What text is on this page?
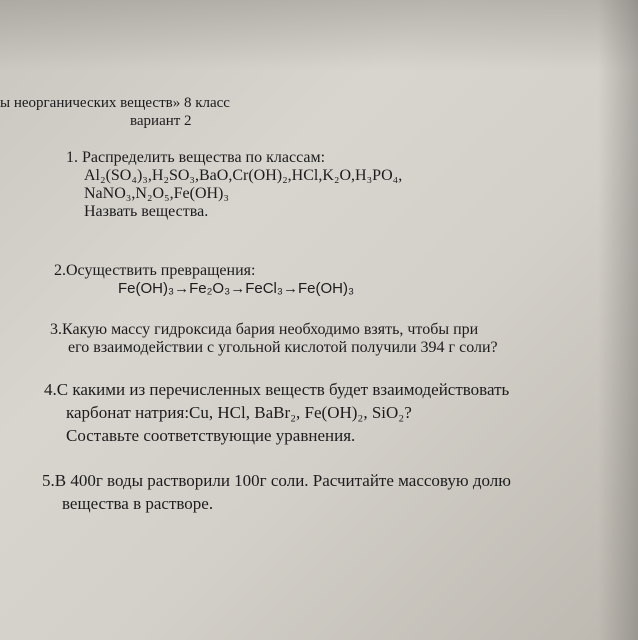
ы неорганических веществ» 8 класс
вариант 2
1. Распределить вещества по классам:
Al₂(SO₄)₃,H₂SO₃,BaO,Cr(OH)₂,HCl,K₂O,H₃PO₄,
NaNO₃,N₂O₅,Fe(OH)₃
Назвать вещества.
2.Осуществить превращения:
Fe(OH)₃→Fe₂O₃→FeCl₃→Fe(OH)₃
3.Какую массу гидроксида бария необходимо взять, чтобы при
его взаимодействии с угольной кислотой получили 394 г соли?
4.С какими из перечисленных веществ будет взаимодействовать
карбонат натрия:Cu, HCl, BaBr₂, Fe(OH)₂, SiO₂?
Составьте соответствующие уравнения.
5.В 400г воды растворили 100г соли. Расчитайте массовую долю
вещества в растворе.
